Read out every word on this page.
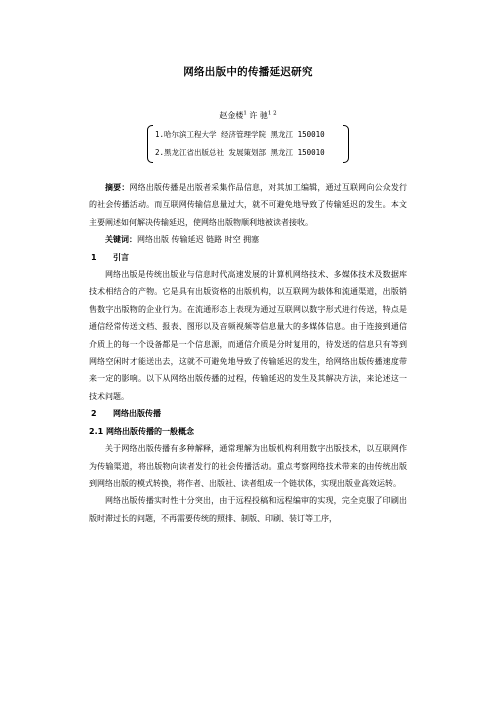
网络出版中的传播延迟研究
赵金楼$^1$ 许 驰$^{1 2}$
1.哈尔滨工程大学 经济管理学院 黑龙江 150010
2.黑龙江省出版总社 发展策划部 黑龙江 150010

摘要：网络出版传播是出版者采集作品信息，对其加工编辑，通过互联网向公众发行的社会传播活动。而互联网传输信息量过大，就不可避免地导致了传输延迟的发生。本文主要阐述如何解决传输延迟，使网络出版物顺利地被读者接收。

关键词：网络出版 传输延迟 链路 时空 拥塞

1 引言

网络出版是传统出版业与信息时代高速发展的计算机网络技术、多媒体技术及数据库技术相结合的产物。它是具有出版资格的出版机构，以互联网为载体和流通渠道，出版销售数字出版物的企业行为。在流通形态上表现为通过互联网以数字形式进行传送，特点是通信经常传送文档、报表、图形以及音频视频等信息量大的多媒体信息。由于连接到通信介质上的每一个设备都是一个信息源，而通信介质是分时复用的，待发送的信息只有等到网络空闲时才能送出去，这就不可避免地导致了传输延迟的发生，给网络出版传播速度带来一定的影响。以下从网络出版传播的过程，传输延迟的发生及其解决方法，来论述这一技术问题。

2 网络出版传播

2.1 网络出版传播的一般概念

关于网络出版传播有多种解释，通常理解为出版机构利用数字出版技术，以互联网作为传输渠道，将出版物向读者发行的社会传播活动。重点考察网络技术带来的由传统出版到网络出版的模式转换，将作者、出版社、读者组成一个链状体，实现出版业高效运转。

网络出版传播实时性十分突出，由于远程投稿和远程编审的实现，完全克服了印刷出版时滞过长的问题，不再需要传统的照排、制版、印刷、装订等工序，
